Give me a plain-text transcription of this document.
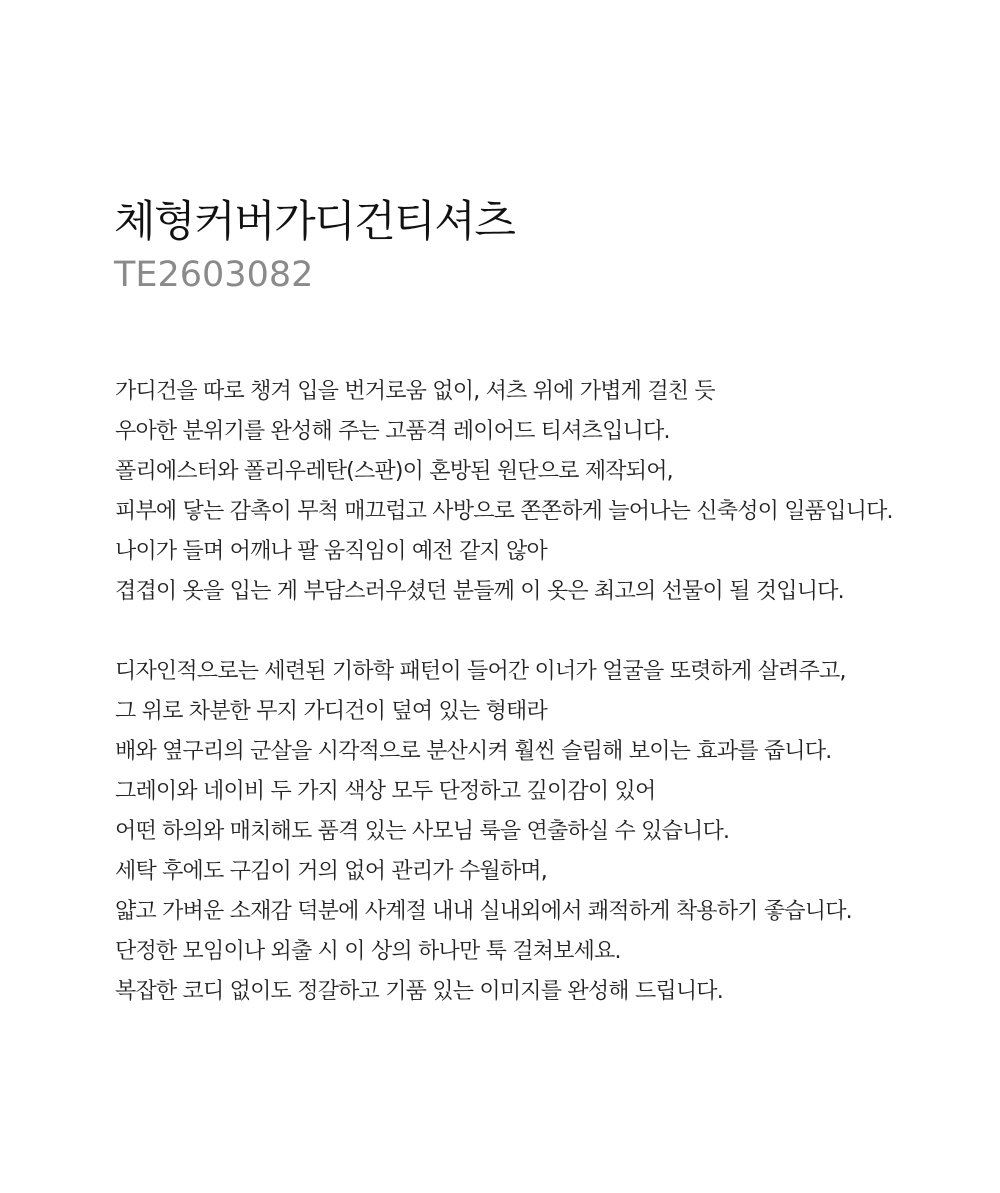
체형커버가디건티셔츠

TE2603082

가디건을 따로 챙겨 입을 번거로움 없이, 셔츠 위에 가볍게 걸친 듯
우아한 분위기를 완성해 주는 고품격 레이어드 티셔츠입니다.
폴리에스터와 폴리우레탄(스판)이 혼방된 원단으로 제작되어,
피부에 닿는 감촉이 무척 매끄럽고 사방으로 쫀쫀하게 늘어나는 신축성이 일품입니다.
나이가 들며 어깨나 팔 움직임이 예전 같지 않아
겹겹이 옷을 입는 게 부담스러우셨던 분들께 이 옷은 최고의 선물이 될 것입니다.
디자인적으로는 세련된 기하학 패턴이 들어간 이너가 얼굴을 또렷하게 살려주고,
그 위로 차분한 무지 가디건이 덮여 있는 형태라
배와 옆구리의 군살을 시각적으로 분산시켜 훨씬 슬림해 보이는 효과를 줍니다.
그레이와 네이비 두 가지 색상 모두 단정하고 깊이감이 있어
어떤 하의와 매치해도 품격 있는 사모님 룩을 연출하실 수 있습니다.
세탁 후에도 구김이 거의 없어 관리가 수월하며,
얇고 가벼운 소재감 덕분에 사계절 내내 실내외에서 쾌적하게 착용하기 좋습니다.
단정한 모임이나 외출 시 이 상의 하나만 툭 걸쳐보세요.
복잡한 코디 없이도 정갈하고 기품 있는 이미지를 완성해 드립니다.
